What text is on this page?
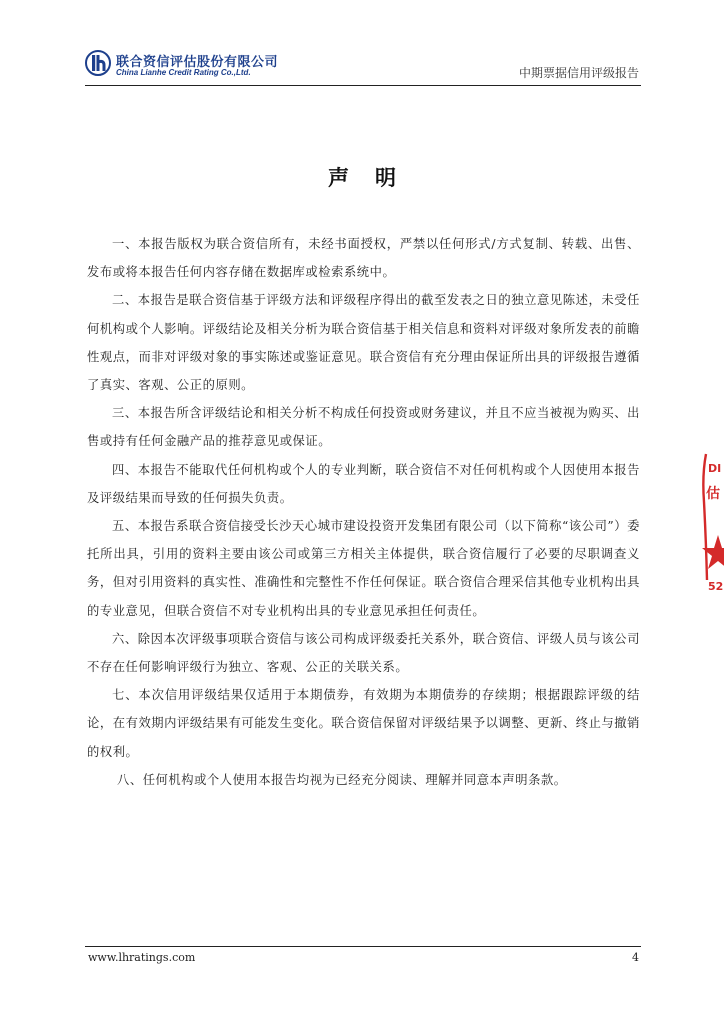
联合资信评估股份有限公司
China Lianhe Credit Rating Co.,Ltd.	中期票据信用评级报告
声明

一、本报告版权为联合资信所有，未经书面授权，严禁以任何形式/方式复制、转载、出售、发布或将本报告任何内容存储在数据库或检索系统中。

二、本报告是联合资信基于评级方法和评级程序得出的截至发表之日的独立意见陈述，未受任何机构或个人影响。评级结论及相关分析为联合资信基于相关信息和资料对评级对象所发表的前瞻性观点，而非对评级对象的事实陈述或鉴证意见。联合资信有充分理由保证所出具的评级报告遵循了真实、客观、公正的原则。

三、本报告所含评级结论和相关分析不构成任何投资或财务建议，并且不应当被视为购买、出售或持有任何金融产品的推荐意见或保证。

四、本报告不能取代任何机构或个人的专业判断，联合资信不对任何机构或个人因使用本报告及评级结果而导致的任何损失负责。

五、本报告系联合资信接受长沙天心城市建设投资开发集团有限公司（以下简称“该公司”）委托所出具，引用的资料主要由该公司或第三方相关主体提供，联合资信履行了必要的尽职调查义务，但对引用资料的真实性、准确性和完整性不作任何保证。联合资信合理采信其他专业机构出具的专业意见，但联合资信不对专业机构出具的专业意见承担任何责任。

六、除因本次评级事项联合资信与该公司构成评级委托关系外，联合资信、评级人员与该公司不存在任何影响评级行为独立、客观、公正的关联关系。

七、本次信用评级结果仅适用于本期债券，有效期为本期债券的存续期；根据跟踪评级的结论，在有效期内评级结果有可能发生变化。联合资信保留对评级结果予以调整、更新、终止与撤销的权利。

八、任何机构或个人使用本报告均视为已经充分阅读、理解并同意本声明条款。

DI
估
52
www.lhratings.com	4
